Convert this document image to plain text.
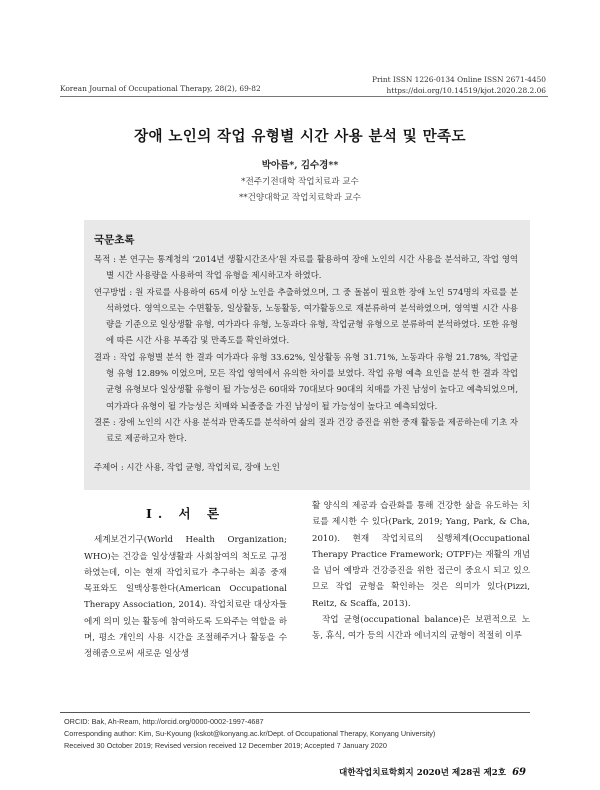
Print ISSN 1226-0134 Online ISSN 2671-4450
https://doi.org/10.14519/kjot.2020.28.2.06
Korean Journal of Occupational Therapy, 28(2), 69-82
장애 노인의 작업 유형별 시간 사용 분석 및 만족도
박아름*, 김수경**
*전주기전대학 작업치료과 교수
**건양대학교 작업치료학과 교수
국문초록
목적 : 본 연구는 통계청의 ‘2014년 생활시간조사’원 자료를 활용하여 장애 노인의 시간 사용을 분석하고, 작업 영역별 시간 사용량을 사용하여 작업 유형을 제시하고자 하였다.
연구방법 : 원 자료를 사용하여 65세 이상 노인을 추출하였으며, 그 중 돌봄이 필요한 장애 노인 574명의 자료를 분석하였다. 영역으로는 수면활동, 일상활동, 노동활동, 여가활동으로 재분류하여 분석하였으며, 영역별 시간 사용량을 기준으로 일상생활 유형, 여가과다 유형, 노동과다 유형, 작업균형 유형으로 분류하여 분석하였다. 또한 유형에 따른 시간 사용 부족감 및 만족도를 확인하였다.
결과 : 작업 유형별 분석 한 결과 여가과다 유형 33.62%, 일상활동 유형 31.71%, 노동과다 유형 21.78%, 작업균형 유형 12.89% 이었으며, 모든 작업 영역에서 유의한 차이를 보였다. 작업 유형 예측 요인을 분석 한 결과 작업균형 유형보다 일상생활 유형이 될 가능성은 60대와 70대보다 90대의 치매를 가진 남성이 높다고 예측되었으며, 여가과다 유형이 될 가능성은 치매와 뇌졸중을 가진 남성이 될 가능성이 높다고 예측되었다.
결론 : 장애 노인의 시간 사용 분석과 만족도를 분석하여 삶의 질과 건강 증진을 위한 중재 활동을 제공하는데 기초 자료로 제공하고자 한다.
주제어 : 시간 사용, 작업 균형, 작업치료, 장애 노인
Ⅰ. 서 론

세계보건기구(World Health Organization; WHO)는 건강을 일상생활과 사회참여의 척도로 규정 하였는데, 이는 현재 작업치료가 추구하는 최종 중재 목표와도 일맥상통한다(American Occupational Therapy Association, 2014). 작업치료란 대상자들에게 의미 있는 활동에 참여하도록 도와주는 역할을 하며, 평소 개인의 사용 시간을 조절해주거나 활동을 수정해줌으로써 새로운 일상생

활 양식의 제공과 습관화를 통해 건강한 삶을 유도하는 치료를 제시한 수 있다(Park, 2019; Yang, Park, & Cha, 2010). 현재 작업치료의 실행체계(Occupational Therapy Practice Framework; OTPF)는 재활의 개념을 넘어 예방과 건강증진을 위한 접근이 중요시 되고 있으므로 작업 균형을 확인하는 것은 의미가 있다(Pizzi, Reitz, & Scaffa, 2013).

작업 균형(occupational balance)은 보편적으로 노동, 휴식, 여가 등의 시간과 에너지의 균형이 적절히 이루

ORCID: Bak, Ah-Ream, http://orcid.org/0000-0002-1997-4687
Corresponding author: Kim, Su-Kyoung (kskot@konyang.ac.kr/Dept. of Occupational Therapy, Konyang University)
Received 30 October 2019; Revised version received 12 December 2019; Accepted 7 January 2020
대한작업치료학회지 2020년 제28권 제2호 69
